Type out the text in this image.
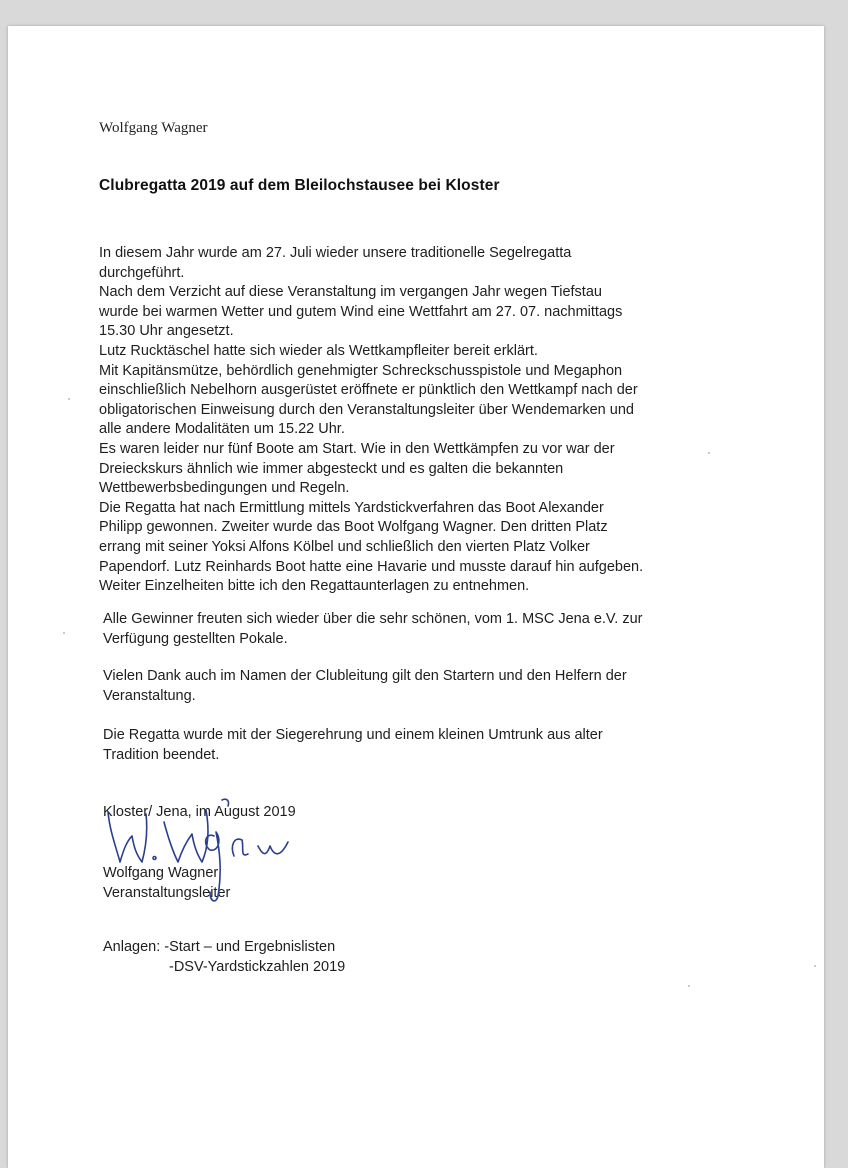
Wolfgang Wagner
Clubregatta 2019 auf dem Bleilochstausee bei Kloster
In diesem Jahr wurde am 27. Juli wieder unsere traditionelle Segelregatta
durchgeführt.
Nach dem Verzicht auf diese Veranstaltung im vergangen Jahr wegen Tiefstau
wurde bei warmen Wetter und gutem Wind eine Wettfahrt am 27. 07. nachmittags
15.30 Uhr angesetzt.
Lutz Rucktäschel hatte sich wieder als Wettkampfleiter bereit erklärt.
Mit Kapitänsmütze, behördlich genehmigter Schreckschusspistole und Megaphon
einschließlich Nebelhorn ausgerüstet eröffnete er pünktlich den Wettkampf nach der
obligatorischen Einweisung durch den Veranstaltungsleiter über Wendemarken und
alle andere Modalitäten um 15.22 Uhr.
Es waren leider nur fünf Boote am Start. Wie in den Wettkämpfen zu vor war der
Dreieckskurs ähnlich wie immer abgesteckt und es galten die bekannten
Wettbewerbsbedingungen und Regeln.
Die Regatta hat nach Ermittlung mittels Yardstickverfahren das Boot Alexander
Philipp gewonnen. Zweiter wurde das Boot Wolfgang Wagner. Den dritten Platz
errang mit seiner Yoksi Alfons Kölbel und schließlich den vierten Platz Volker
Papendorf. Lutz Reinhards Boot hatte eine Havarie und musste darauf hin aufgeben.
Weiter Einzelheiten bitte ich den Regattaunterlagen zu entnehmen.
Alle Gewinner freuten sich wieder über die sehr schönen, vom 1. MSC Jena e.V. zur
Verfügung gestellten Pokale.
Vielen Dank auch im Namen der Clubleitung gilt den Startern und den Helfern der
Veranstaltung.
Die Regatta wurde mit der Siegerehrung und einem kleinen Umtrunk aus alter
Tradition beendet.
Kloster/ Jena, im August 2019
Wolfgang Wagner
Veranstaltungsleiter
Anlagen: -Start – und Ergebnislisten
-DSV-Yardstickzahlen 2019
